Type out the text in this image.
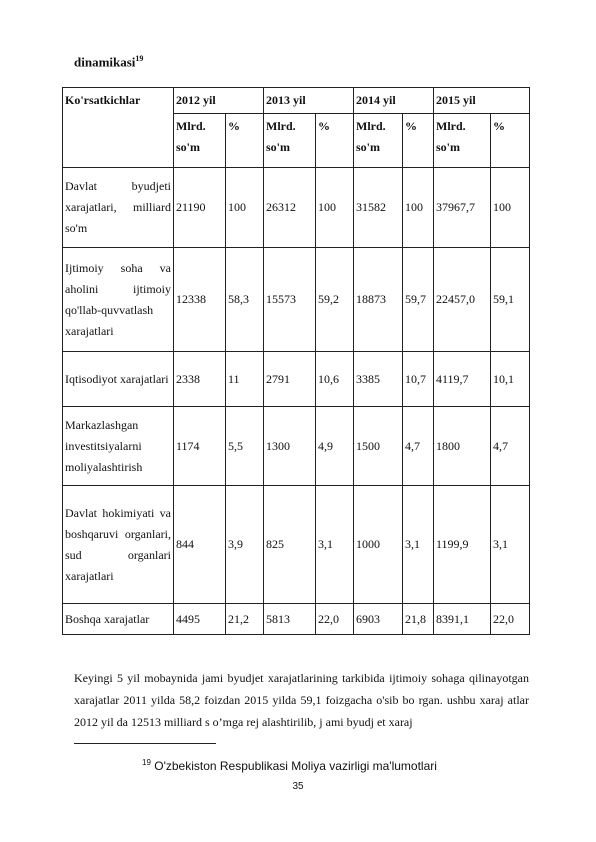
dinamikasi$^{19}$
Ko'rsatkichlar	2012 yil		2013 yil		2014 yil		2015 yil	
	Mlrd. so'm	%	Mlrd. so'm	%	Mlrd. so'm	%	Mlrd. so'm	%
Davlat byudjeti xarajatlari, milliard so'm	21190	100	26312	100	31582	100	37967,7	100
Ijtimoiy soha va aholini ijtimoiy qo'llab-quvvatlash xarajatlari	12338	58,3	15573	59,2	18873	59,7	22457,0	59,1
Iqtisodiyot xarajatlari	2338	11	2791	10,6	3385	10,7	4119,7	10,1
Markazlashgan investitsiyalarni moliyalashtirish	1174	5,5	1300	4,9	1500	4,7	1800	4,7
Davlat hokimiyati va boshqaruvi organlari, sud organlari xarajatlari	844	3,9	825	3,1	1000	3,1	1199,9	3,1
Boshqa xarajatlar	4495	21,2	5813	22,0	6903	21,8	8391,1	22,0

Keyingi 5 yil mobaynida jami byudjet xarajatlarining tarkibida ijtimoiy sohaga qilinayotgan xarajatlar 2011 yilda 58,2 foizdan 2015 yilda 59,1 foizgacha o'sib bo rgan. ushbu xaraj atlar 2012 yil da 12513 milliard s o’mga rej alashtirilib, j ami byudj et xaraj

$^{19}$ O'zbekiston Respublikasi Moliya vazirligi ma'lumotlari
35
